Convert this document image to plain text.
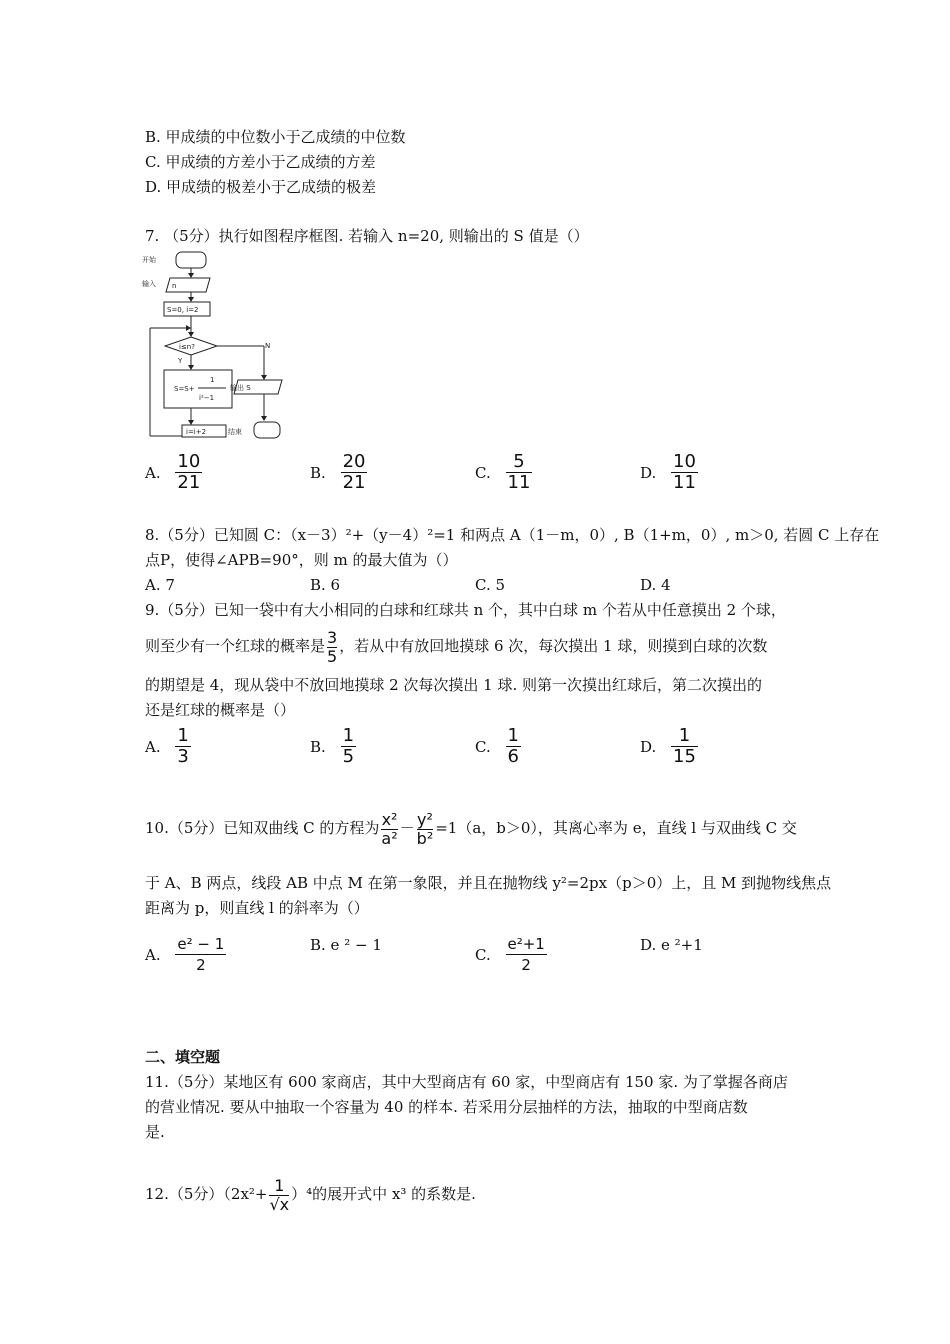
B. 甲成绩的中位数小于乙成绩的中位数
C. 甲成绩的方差小于乙成绩的方差
D. 甲成绩的极差小于乙成绩的极差
7. （5分）执行如图程序框图. 若输入 n=20, 则输出的 S 值是（）
开始
输入 n
S=0, i=2
i≤n?	N
Y
S=S+
1
i²−1
i=i+2
输出 S
结束
A. $\frac{10}{21}$	B. $\frac{20}{21}$	C. $\frac{5}{11}$	D. $\frac{10}{11}$
8.（5分）已知圆 C：（x－3）²+（y－4）²=1 和两点 A（1－m，0）, B（1+m，0）, m＞0, 若圆 C 上存在
点P，使得∠APB=90°，则 m 的最大值为（）
A. 7	B. 6	C. 5	D. 4
9.（5分）已知一袋中有大小相同的白球和红球共 n 个，其中白球 m 个若从中任意摸出 2 个球，
则至少有一个红球的概率是 $\frac{3}{5}$ ，若从中有放回地摸球 6 次，每次摸出 1 球，则摸到白球的次数
的期望是 4，现从袋中不放回地摸球 2 次每次摸出 1 球. 则第一次摸出红球后，第二次摸出的
还是红球的概率是（）
A. $\frac{1}{3}$	B. $\frac{1}{5}$	C. $\frac{1}{6}$	D. $\frac{1}{15}$
10.（5分）已知双曲线 C 的方程为 $\frac{\text{x²}}{\text{a²}} - \frac{\text{y²}}{\text{b²}} =1(a$，b＞0），其离心率为 e，直线 l 与双曲线 C 交
于 A、B 两点，线段 AB 中点 M 在第一象限，并且在抛物线 y²=2px（p＞0）上，且 M 到抛物线焦点
距离为 p，则直线 l 的斜率为（）
A. $\frac{\text{e² − 1}}{2}$	B. e ² − 1
C. $\frac{\text{e²+1}}{2}$	D. e ²+1
二、填空题
11.（5分）某地区有 600 家商店，其中大型商店有 60 家，中型商店有 150 家. 为了掌握各商店
的营业情况. 要从中抽取一个容量为 40 的样本. 若采用分层抽样的方法，抽取的中型商店数
是.
12.（5分）$(2x^2+ \frac{1}{√x} )^4$的展开式中 x³ 的系数是.
